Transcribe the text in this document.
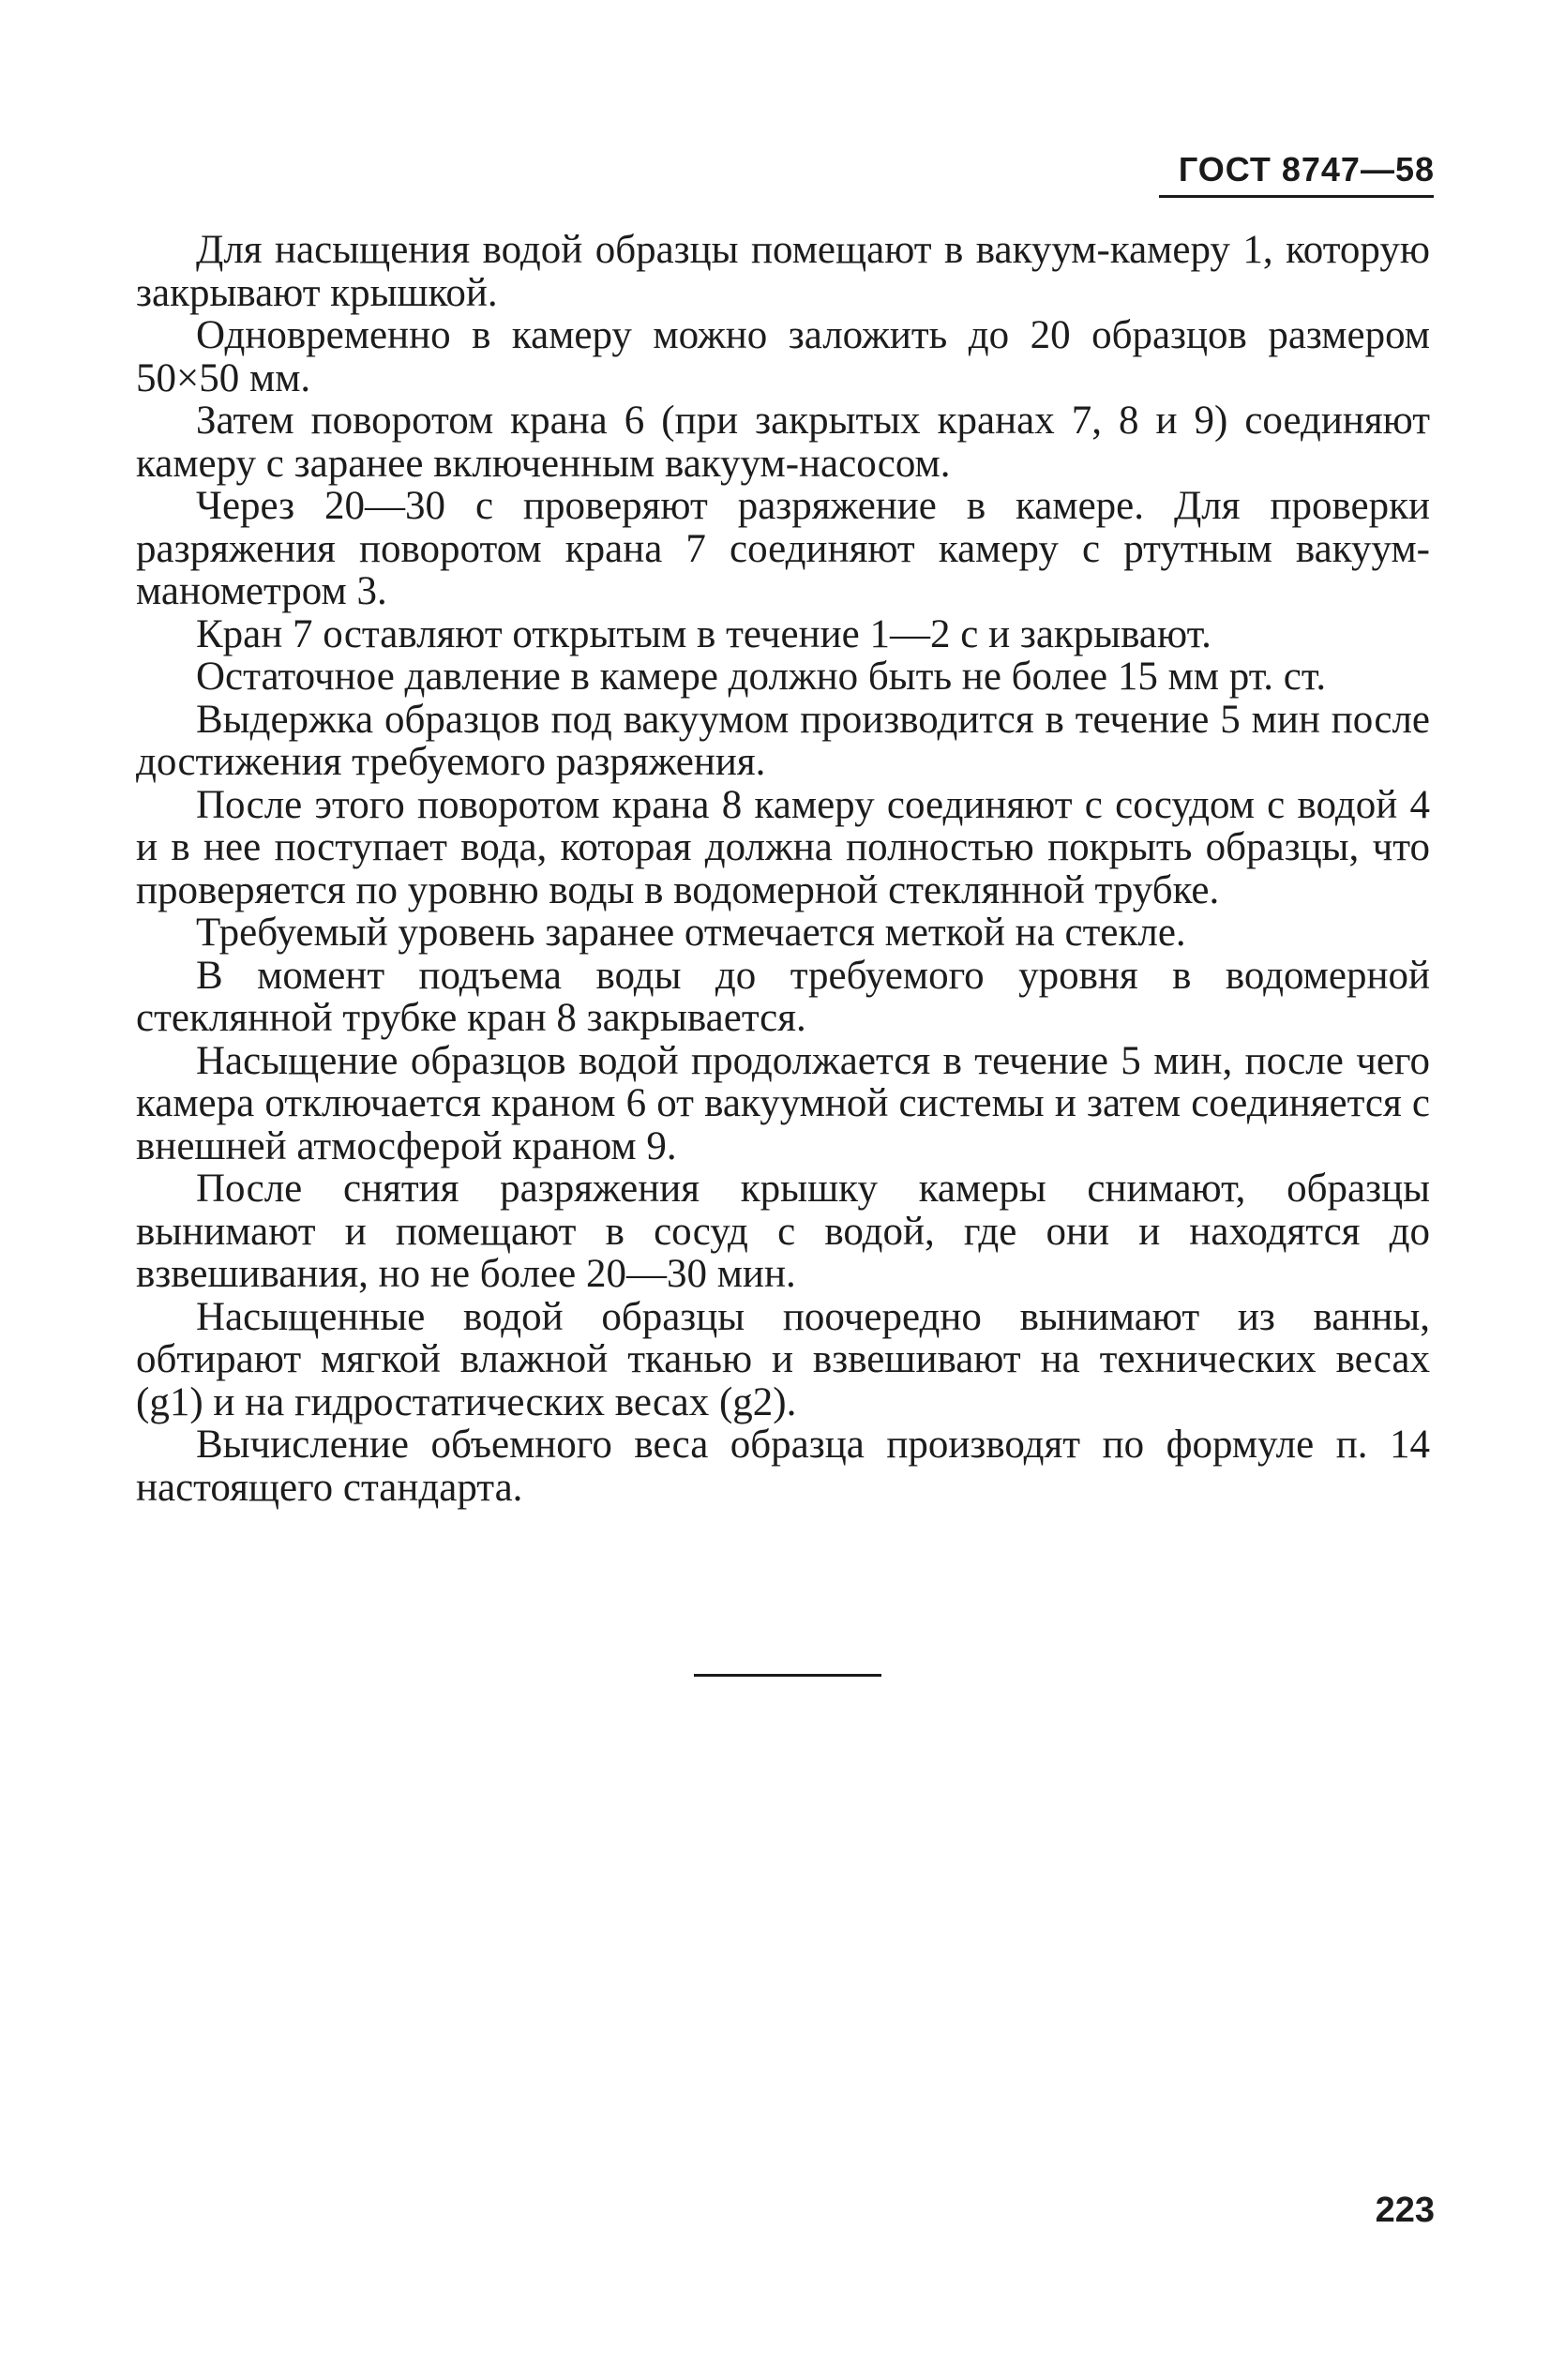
ГОСТ 8747—58

Для насыщения водой образцы помещают в вакуум-камеру 1, которую закрывают крышкой.

Одновременно в камеру можно заложить до 20 образцов размером 50×50 мм.

Затем поворотом крана 6 (при закрытых кранах 7, 8 и 9) соединяют камеру с заранее включенным вакуум-насосом.

Через 20—30 с проверяют разряжение в камере. Для проверки разряжения поворотом крана 7 соединяют камеру с ртутным вакуум-манометром 3.

Кран 7 оставляют открытым в течение 1—2 с и закрывают.

Остаточное давление в камере должно быть не более 15 мм рт. ст.

Выдержка образцов под вакуумом производится в течение 5 мин после достижения требуемого разряжения.

После этого поворотом крана 8 камеру соединяют с сосудом с водой 4 и в нее поступает вода, которая должна полностью покрыть образцы, что проверяется по уровню воды в водомерной стеклянной трубке.

Требуемый уровень заранее отмечается меткой на стекле.

В момент подъема воды до требуемого уровня в водомерной стеклянной трубке кран 8 закрывается.

Насыщение образцов водой продолжается в течение 5 мин, после чего камера отключается краном 6 от вакуумной системы и затем соединяется с внешней атмосферой краном 9.

После снятия разряжения крышку камеры снимают, образцы вынимают и помещают в сосуд с водой, где они и находятся до взвешивания, но не более 20—30 мин.

Насыщенные водой образцы поочередно вынимают из ванны, обтирают мягкой влажной тканью и взвешивают на технических весах (g1) и на гидростатических весах (g2).

Вычисление объемного веса образца производят по формуле п. 14 настоящего стандарта.

223
